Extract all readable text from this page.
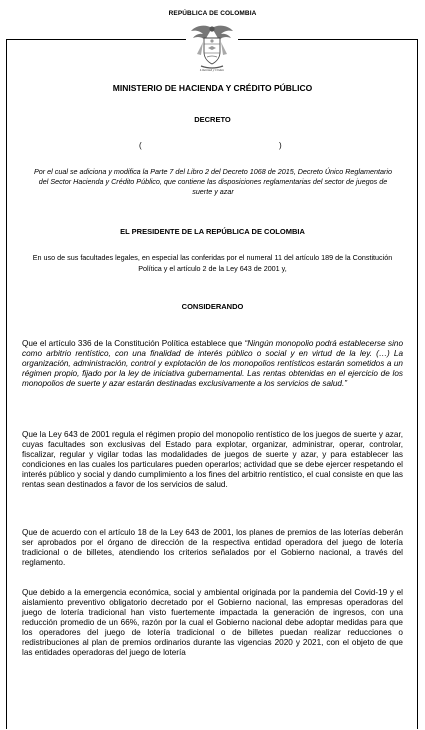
REPÚBLICA DE COLOMBIA
Libertad y Orden
MINISTERIO DE HACIENDA Y CRÉDITO PÚBLICO
DECRETO
(	)
Por el cual se adiciona y modifica la Parte 7 del Libro 2 del Decreto 1068 de 2015, Decreto Único Reglamentario del Sector Hacienda y Crédito Público, que contiene las disposiciones reglamentarias del sector de juegos de suerte y azar
EL PRESIDENTE DE LA REPÚBLICA DE COLOMBIA
En uso de sus facultades legales, en especial las conferidas por el numeral 11 del artículo 189 de la Constitución Política y el artículo 2 de la Ley 643 de 2001 y,
CONSIDERANDO
Que el artículo 336 de la Constitución Política establece que “Ningún monopolio podrá establecerse sino como arbitrio rentístico, con una finalidad de interés público o social y en virtud de la ley. (…) La organización, administración, control y explotación de los monopolios rentísticos estarán sometidos a un régimen propio, fijado por la ley de iniciativa gubernamental. Las rentas obtenidas en el ejercicio de los monopolios de suerte y azar estarán destinadas exclusivamente a los servicios de salud.”
Que la Ley 643 de 2001 regula el régimen propio del monopolio rentístico de los juegos de suerte y azar, cuyas facultades son exclusivas del Estado para explotar, organizar, administrar, operar, controlar, fiscalizar, regular y vigilar todas las modalidades de juegos de suerte y azar, y para establecer las condiciones en las cuales los particulares pueden operarlos; actividad que se debe ejercer respetando el interés público y social y dando cumplimiento a los fines del arbitrio rentístico, el cual consiste en que las rentas sean destinados a favor de los servicios de salud.
Que de acuerdo con el artículo 18 de la Ley 643 de 2001, los planes de premios de las loterías deberán ser aprobados por el órgano de dirección de la respectiva entidad operadora del juego de lotería tradicional o de billetes, atendiendo los criterios señalados por el Gobierno nacional, a través del reglamento.
Que debido a la emergencia económica, social y ambiental originada por la pandemia del Covid-19 y el aislamiento preventivo obligatorio decretado por el Gobierno nacional, las empresas operadoras del juego de lotería tradicional han visto fuertemente impactada la generación de ingresos, con una reducción promedio de un 66%, razón por la cual el Gobierno nacional debe adoptar medidas para que los operadores del juego de lotería tradicional o de billetes puedan realizar reducciones o redistribuciones al plan de premios ordinarios durante las vigencias 2020 y 2021, con el objeto de que las entidades operadoras del juego de lotería
